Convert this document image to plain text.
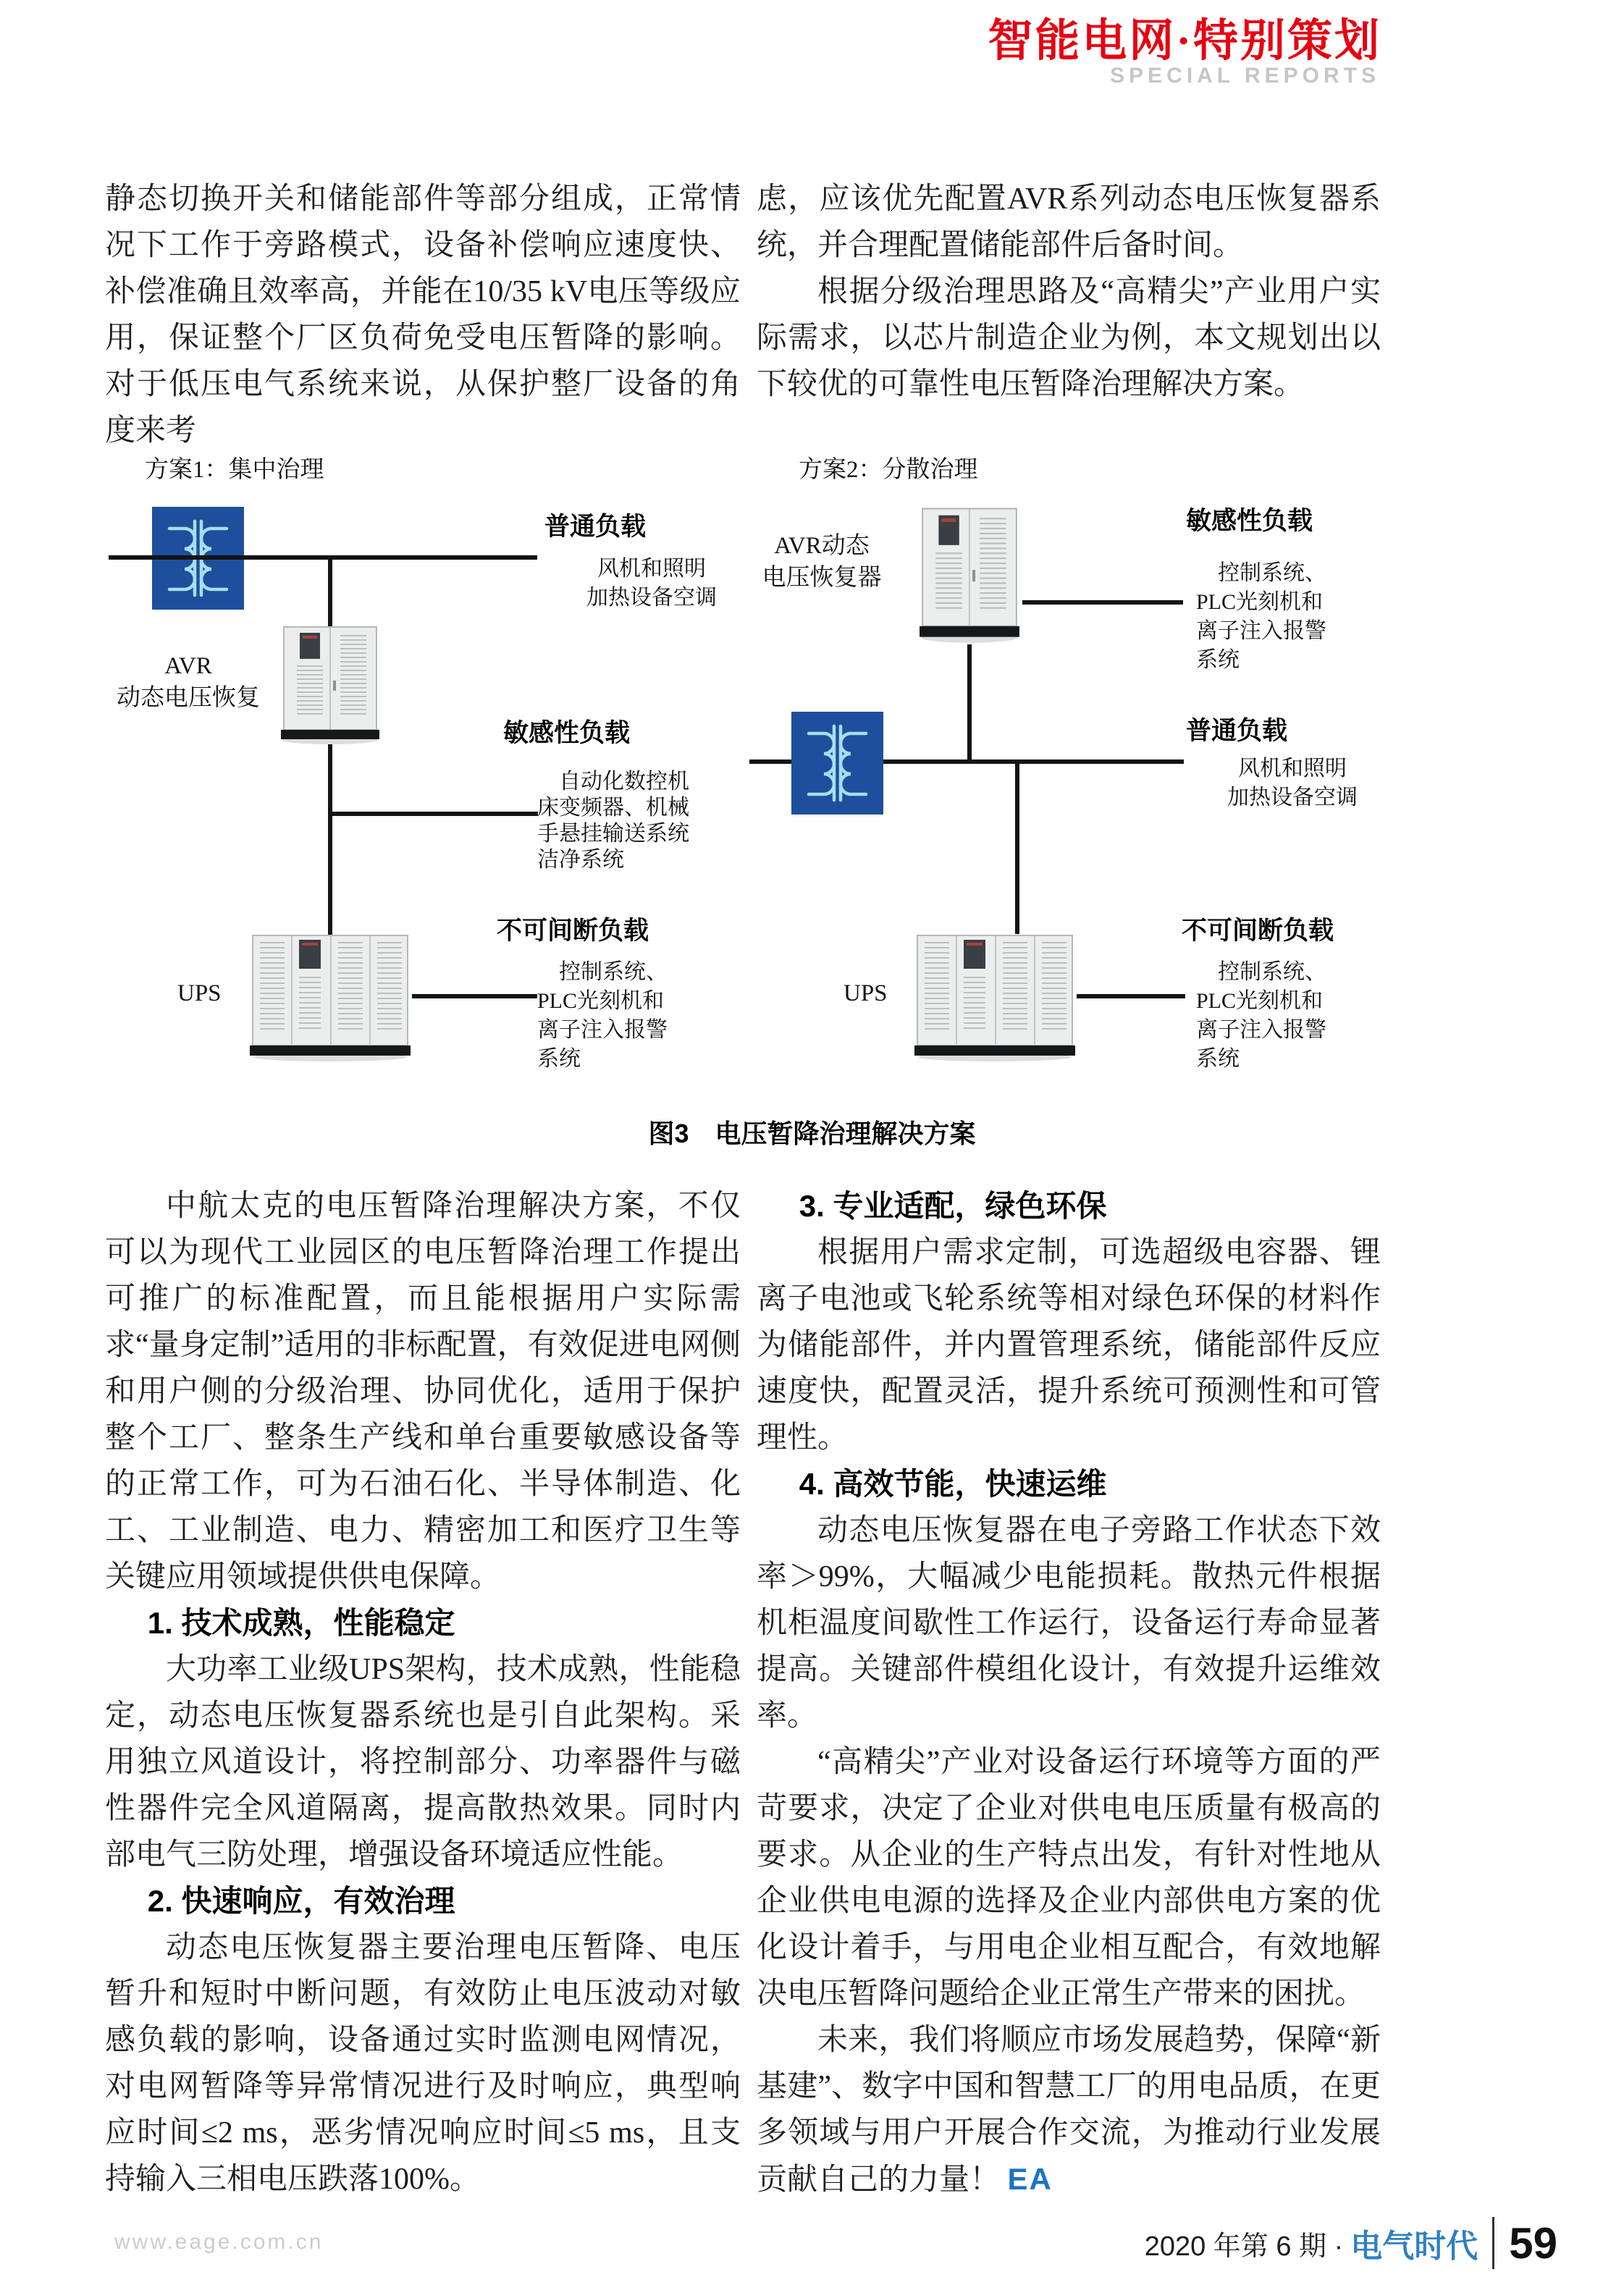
智能电网·特别策划
SPECIAL REPORTS

静态切换开关和储能部件等部分组成，正常情况下工作于旁路模式，设备补偿响应速度快、补偿准确且效率高，并能在10/35 kV电压等级应用，保证整个厂区负荷免受电压暂降的影响。对于低压电气系统来说，从保护整厂设备的角度来考

虑，应该优先配置AVR系列动态电压恢复器系统，并合理配置储能部件后备时间。

根据分级治理思路及“高精尖”产业用户实际需求，以芯片制造企业为例，本文规划出以下较优的可靠性电压暂降治理解决方案。

方案1：集中治理
AVR
动态电压恢复
UPS
普通负载
风机和照明
加热设备空调
敏感性负载
自动化数控机
床变频器、机械
手悬挂输送系统
洁净系统
不可间断负载
控制系统、
PLC光刻机和
离子注入报警
系统
方案2：分散治理
AVR动态
电压恢复器
敏感性负载
控制系统、
PLC光刻机和
离子注入报警
系统
普通负载
风机和照明
加热设备空调
UPS
不可间断负载
控制系统、
PLC光刻机和
离子注入报警
系统
图3　电压暂降治理解决方案

中航太克的电压暂降治理解决方案，不仅可以为现代工业园区的电压暂降治理工作提出可推广的标准配置，而且能根据用户实际需求“量身定制”适用的非标配置，有效促进电网侧和用户侧的分级治理、协同优化，适用于保护整个工厂、整条生产线和单台重要敏感设备等的正常工作，可为石油石化、半导体制造、化工、工业制造、电力、精密加工和医疗卫生等关键应用领域提供供电保障。

1. 技术成熟，性能稳定

大功率工业级UPS架构，技术成熟，性能稳定，动态电压恢复器系统也是引自此架构。采用独立风道设计，将控制部分、功率器件与磁性器件完全风道隔离，提高散热效果。同时内部电气三防处理，增强设备环境适应性能。

2. 快速响应，有效治理

动态电压恢复器主要治理电压暂降、电压暂升和短时中断问题，有效防止电压波动对敏感负载的影响，设备通过实时监测电网情况，对电网暂降等异常情况进行及时响应，典型响应时间≤2 ms，恶劣情况响应时间≤5 ms，且支持输入三相电压跌落100%。

3. 专业适配，绿色环保

根据用户需求定制，可选超级电容器、锂离子电池或飞轮系统等相对绿色环保的材料作为储能部件，并内置管理系统，储能部件反应速度快，配置灵活，提升系统可预测性和可管理性。

4. 高效节能，快速运维

动态电压恢复器在电子旁路工作状态下效率＞99%，大幅减少电能损耗。散热元件根据机柜温度间歇性工作运行，设备运行寿命显著提高。关键部件模组化设计，有效提升运维效率。

“高精尖”产业对设备运行环境等方面的严苛要求，决定了企业对供电电压质量有极高的要求。从企业的生产特点出发，有针对性地从企业供电电源的选择及企业内部供电方案的优化设计着手，与用电企业相互配合，有效地解决电压暂降问题给企业正常生产带来的困扰。

未来，我们将顺应市场发展趋势，保障“新基建”、数字中国和智慧工厂的用电品质，在更多领域与用户开展合作交流，为推动行业发展贡献自己的力量！ EA

www.eage.com.cn	2020 年第 6 期 · 电气时代 59
